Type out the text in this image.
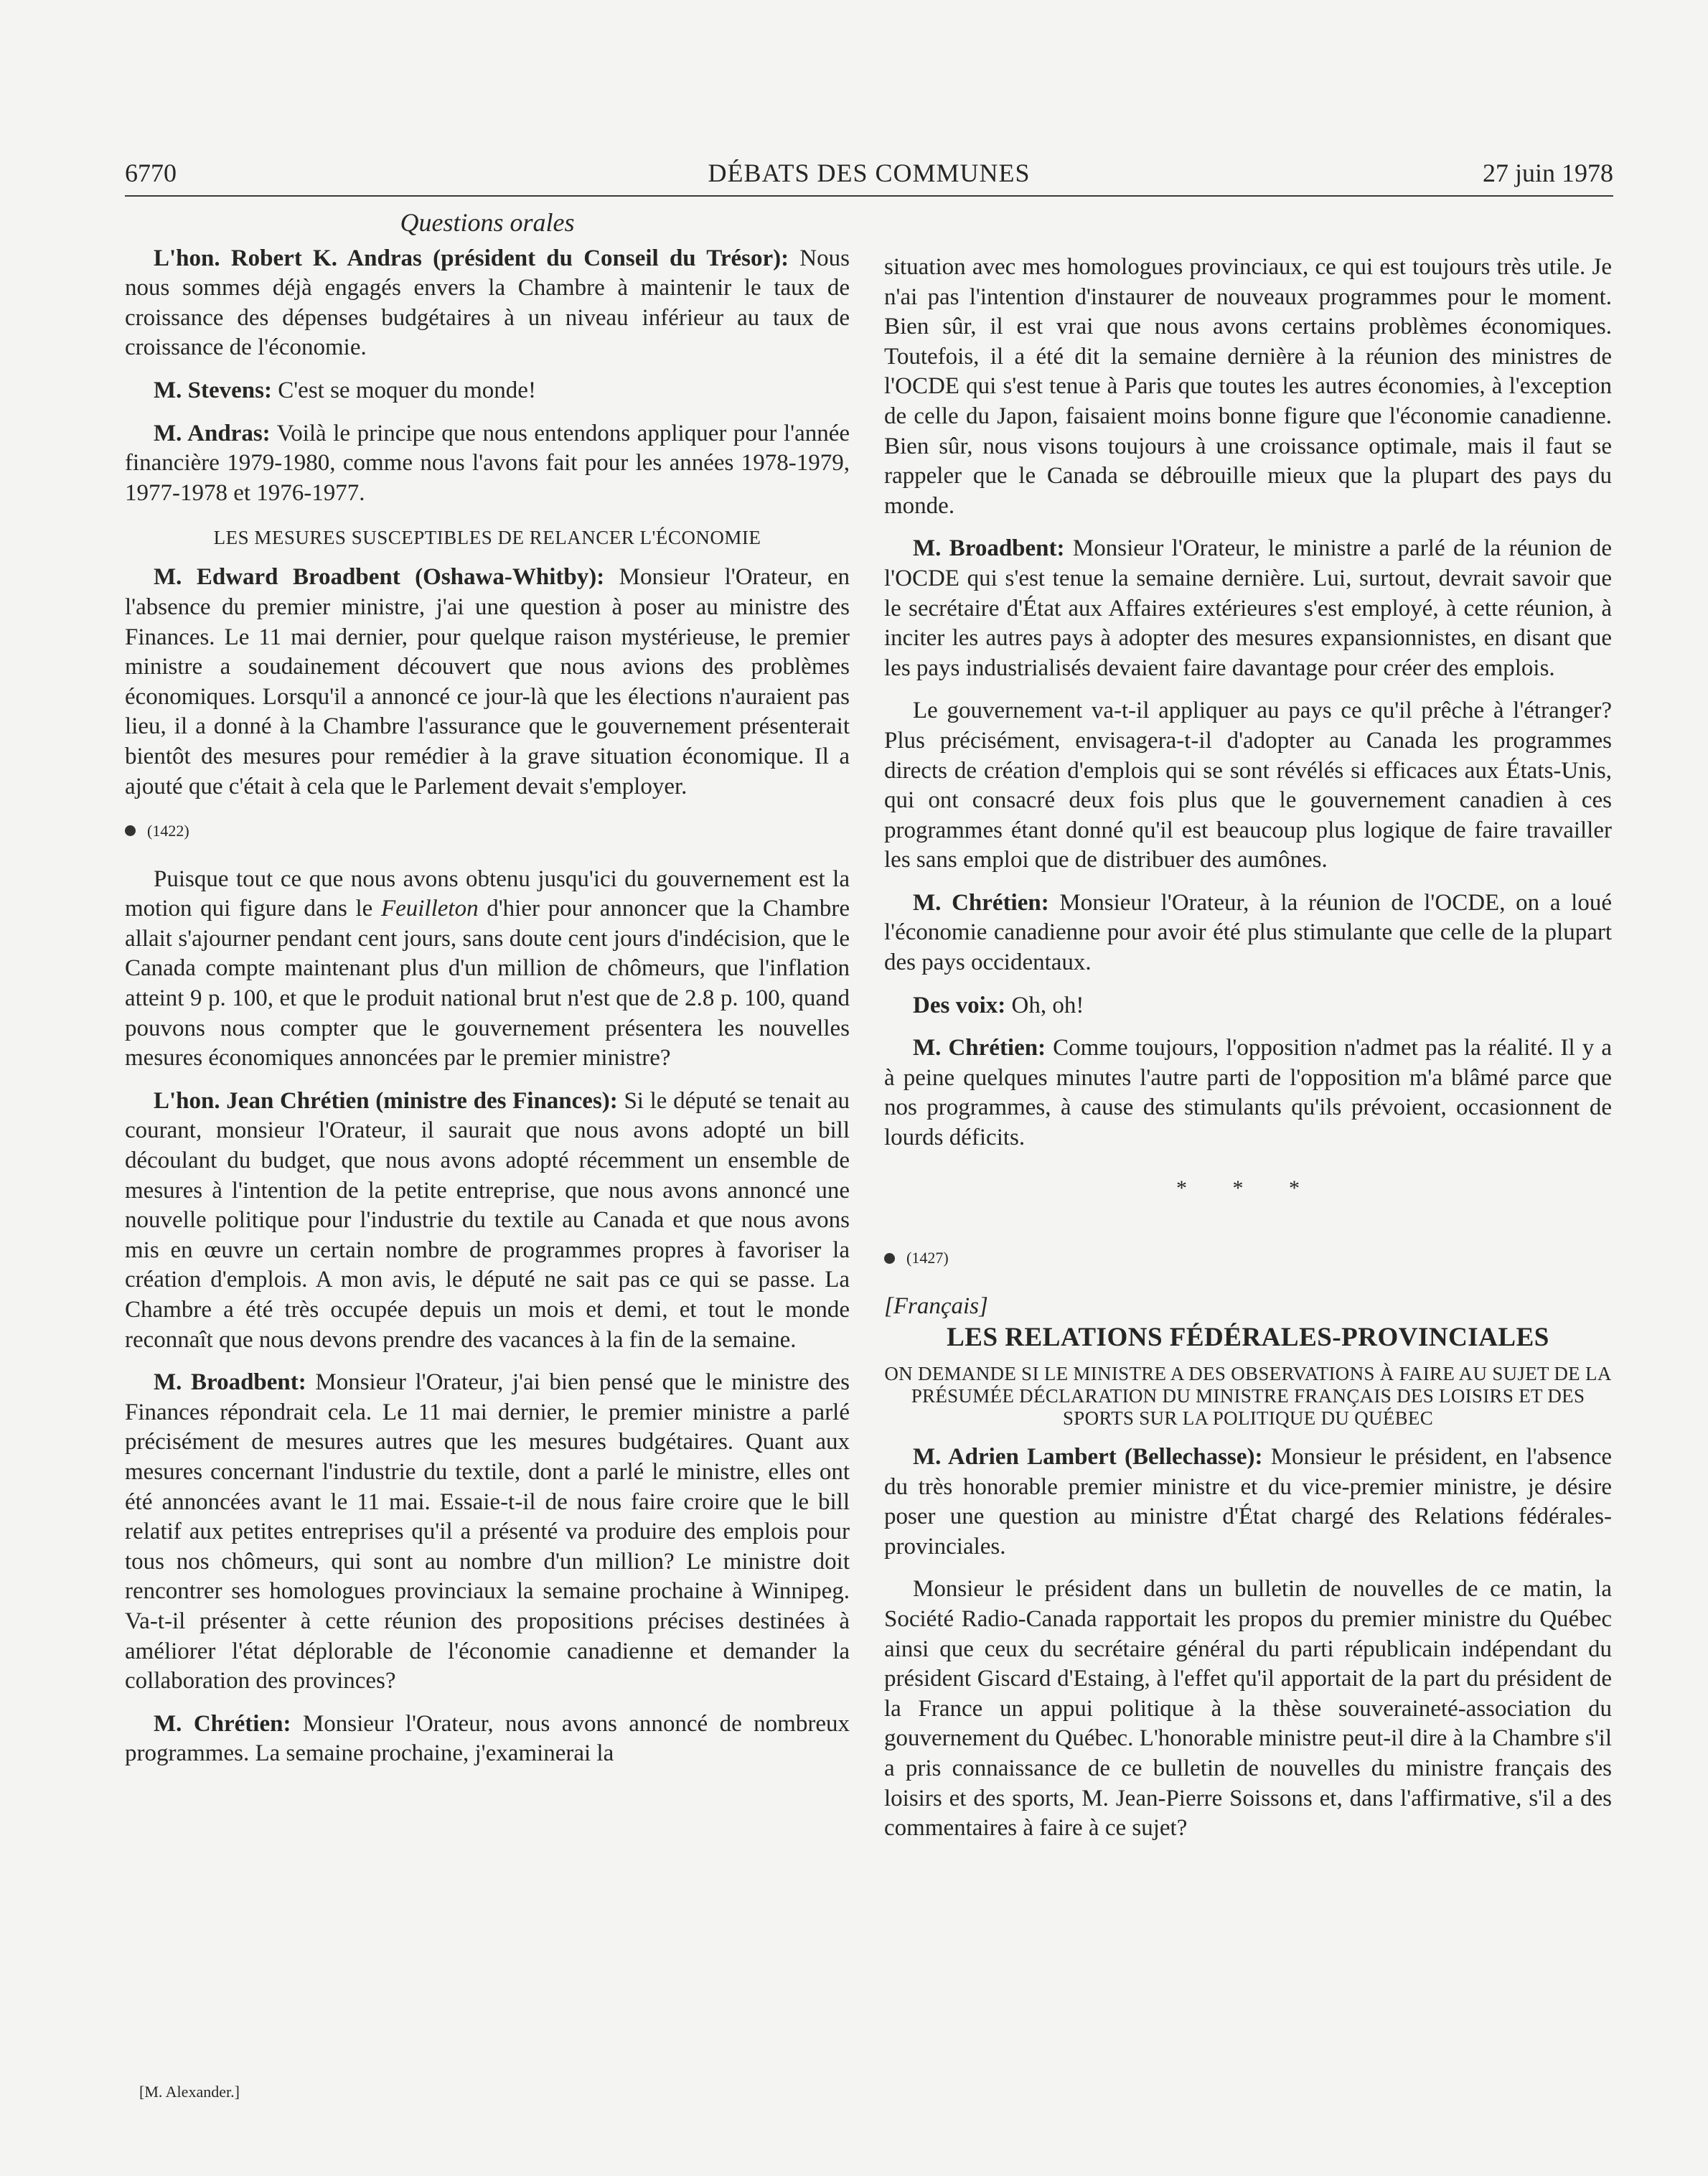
6770	DÉBATS DES COMMUNES	27 juin 1978
Questions orales

L'hon. Robert K. Andras (président du Conseil du Trésor): Nous nous sommes déjà engagés envers la Chambre à maintenir le taux de croissance des dépenses budgétaires à un niveau inférieur au taux de croissance de l'économie.

M. Stevens: C'est se moquer du monde!

M. Andras: Voilà le principe que nous entendons appliquer pour l'année financière 1979-1980, comme nous l'avons fait pour les années 1978-1979, 1977-1978 et 1976-1977.

LES MESURES SUSCEPTIBLES DE RELANCER L'ÉCONOMIE

M. Edward Broadbent (Oshawa-Whitby): Monsieur l'Orateur, en l'absence du premier ministre, j'ai une question à poser au ministre des Finances. Le 11 mai dernier, pour quelque raison mystérieuse, le premier ministre a soudainement découvert que nous avions des problèmes économiques. Lorsqu'il a annoncé ce jour-là que les élections n'auraient pas lieu, il a donné à la Chambre l'assurance que le gouvernement présenterait bientôt des mesures pour remédier à la grave situation économique. Il a ajouté que c'était à cela que le Parlement devait s'employer.

(1422)

Puisque tout ce que nous avons obtenu jusqu'ici du gouvernement est la motion qui figure dans le Feuilleton d'hier pour annoncer que la Chambre allait s'ajourner pendant cent jours, sans doute cent jours d'indécision, que le Canada compte maintenant plus d'un million de chômeurs, que l'inflation atteint 9 p. 100, et que le produit national brut n'est que de 2.8 p. 100, quand pouvons nous compter que le gouvernement présentera les nouvelles mesures économiques annoncées par le premier ministre?

L'hon. Jean Chrétien (ministre des Finances): Si le député se tenait au courant, monsieur l'Orateur, il saurait que nous avons adopté un bill découlant du budget, que nous avons adopté récemment un ensemble de mesures à l'intention de la petite entreprise, que nous avons annoncé une nouvelle politique pour l'industrie du textile au Canada et que nous avons mis en œuvre un certain nombre de programmes propres à favoriser la création d'emplois. A mon avis, le député ne sait pas ce qui se passe. La Chambre a été très occupée depuis un mois et demi, et tout le monde reconnaît que nous devons prendre des vacances à la fin de la semaine.

M. Broadbent: Monsieur l'Orateur, j'ai bien pensé que le ministre des Finances répondrait cela. Le 11 mai dernier, le premier ministre a parlé précisément de mesures autres que les mesures budgétaires. Quant aux mesures concernant l'industrie du textile, dont a parlé le ministre, elles ont été annoncées avant le 11 mai. Essaie-t-il de nous faire croire que le bill relatif aux petites entreprises qu'il a présenté va produire des emplois pour tous nos chômeurs, qui sont au nombre d'un million? Le ministre doit rencontrer ses homologues provinciaux la semaine prochaine à Winnipeg. Va-t-il présenter à cette réunion des propositions précises destinées à améliorer l'état déplorable de l'économie canadienne et demander la collaboration des provinces?

M. Chrétien: Monsieur l'Orateur, nous avons annoncé de nombreux programmes. La semaine prochaine, j'examinerai la

[M. Alexander.]

situation avec mes homologues provinciaux, ce qui est toujours très utile. Je n'ai pas l'intention d'instaurer de nouveaux programmes pour le moment. Bien sûr, il est vrai que nous avons certains problèmes économiques. Toutefois, il a été dit la semaine dernière à la réunion des ministres de l'OCDE qui s'est tenue à Paris que toutes les autres économies, à l'exception de celle du Japon, faisaient moins bonne figure que l'économie canadienne. Bien sûr, nous visons toujours à une croissance optimale, mais il faut se rappeler que le Canada se débrouille mieux que la plupart des pays du monde.

M. Broadbent: Monsieur l'Orateur, le ministre a parlé de la réunion de l'OCDE qui s'est tenue la semaine dernière. Lui, surtout, devrait savoir que le secrétaire d'État aux Affaires extérieures s'est employé, à cette réunion, à inciter les autres pays à adopter des mesures expansionnistes, en disant que les pays industrialisés devaient faire davantage pour créer des emplois.

Le gouvernement va-t-il appliquer au pays ce qu'il prêche à l'étranger? Plus précisément, envisagera-t-il d'adopter au Canada les programmes directs de création d'emplois qui se sont révélés si efficaces aux États-Unis, qui ont consacré deux fois plus que le gouvernement canadien à ces programmes étant donné qu'il est beaucoup plus logique de faire travailler les sans emploi que de distribuer des aumônes.

M. Chrétien: Monsieur l'Orateur, à la réunion de l'OCDE, on a loué l'économie canadienne pour avoir été plus stimulante que celle de la plupart des pays occidentaux.

Des voix: Oh, oh!

M. Chrétien: Comme toujours, l'opposition n'admet pas la réalité. Il y a à peine quelques minutes l'autre parti de l'opposition m'a blâmé parce que nos programmes, à cause des stimulants qu'ils prévoient, occasionnent de lourds déficits.

* * *
(1427)

[Français]

LES RELATIONS FÉDÉRALES-PROVINCIALES
ON DEMANDE SI LE MINISTRE A DES OBSERVATIONS À FAIRE AU SUJET DE LA PRÉSUMÉE DÉCLARATION DU MINISTRE FRANÇAIS DES LOISIRS ET DES SPORTS SUR LA POLITIQUE DU QUÉBEC

M. Adrien Lambert (Bellechasse): Monsieur le président, en l'absence du très honorable premier ministre et du vice-premier ministre, je désire poser une question au ministre d'État chargé des Relations fédérales-provinciales.

Monsieur le président dans un bulletin de nouvelles de ce matin, la Société Radio-Canada rapportait les propos du premier ministre du Québec ainsi que ceux du secrétaire général du parti républicain indépendant du président Giscard d'Estaing, à l'effet qu'il apportait de la part du président de la France un appui politique à la thèse souveraineté-association du gouvernement du Québec. L'honorable ministre peut-il dire à la Chambre s'il a pris connaissance de ce bulletin de nouvelles du ministre français des loisirs et des sports, M. Jean-Pierre Soissons et, dans l'affirmative, s'il a des commentaires à faire à ce sujet?
